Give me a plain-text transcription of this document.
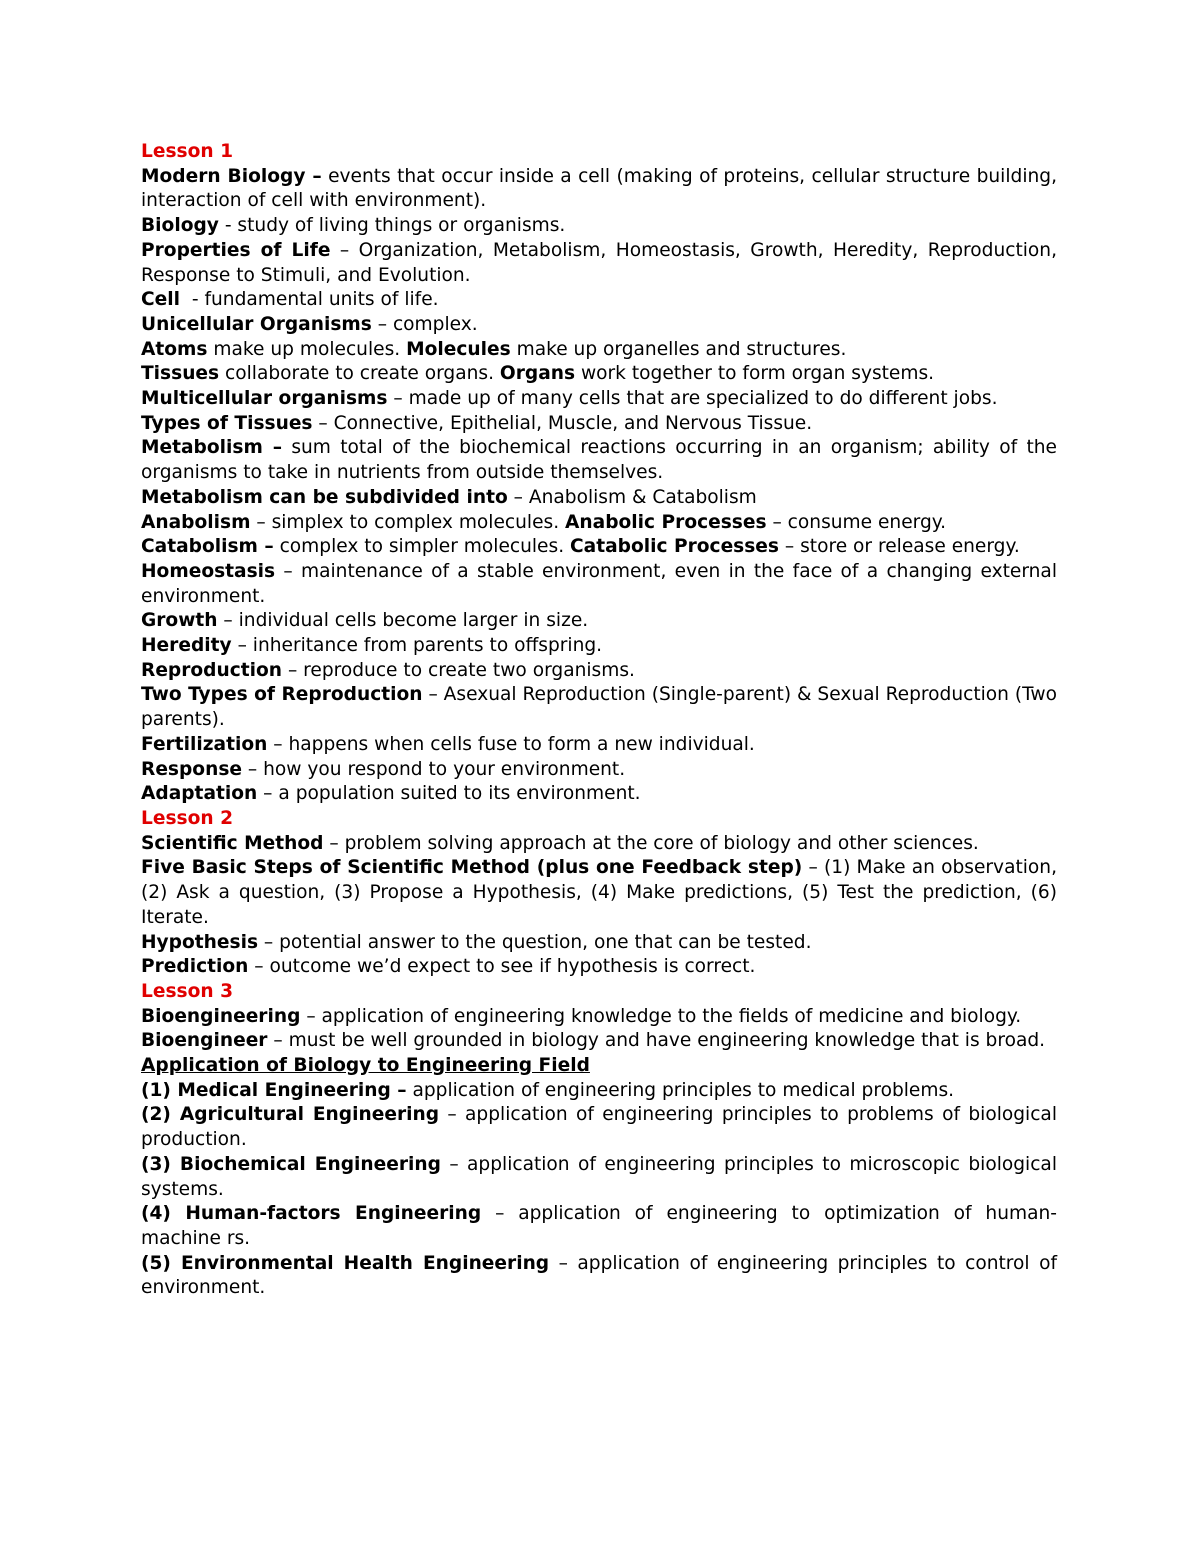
Lesson 1

Modern Biology – events that occur inside a cell (making of proteins, cellular structure building, interaction of cell with environment).

Biology - study of living things or organisms.

Properties of Life – Organization, Metabolism, Homeostasis, Growth, Heredity, Reproduction, Response to Stimuli, and Evolution.

Cell  - fundamental units of life.

Unicellular Organisms – complex.

Atoms make up molecules. Molecules make up organelles and structures.

Tissues collaborate to create organs. Organs work together to form organ systems.

Multicellular organisms – made up of many cells that are specialized to do different jobs.

Types of Tissues – Connective, Epithelial, Muscle, and Nervous Tissue.

Metabolism – sum total of the biochemical reactions occurring in an organism; ability of the organisms to take in nutrients from outside themselves.

Metabolism can be subdivided into – Anabolism & Catabolism

Anabolism – simplex to complex molecules. Anabolic Processes – consume energy.

Catabolism – complex to simpler molecules. Catabolic Processes – store or release energy.

Homeostasis – maintenance of a stable environment, even in the face of a changing external environment.

Growth – individual cells become larger in size.

Heredity – inheritance from parents to offspring.

Reproduction – reproduce to create two organisms.

Two Types of Reproduction – Asexual Reproduction (Single-parent) & Sexual Reproduction (Two parents).

Fertilization – happens when cells fuse to form a new individual.

Response – how you respond to your environment.

Adaptation – a population suited to its environment.

Lesson 2

Scientific Method – problem solving approach at the core of biology and other sciences.

Five Basic Steps of Scientific Method (plus one Feedback step) – (1) Make an observation, (2) Ask a question, (3) Propose a Hypothesis, (4) Make predictions, (5) Test the prediction, (6) Iterate.

Hypothesis – potential answer to the question, one that can be tested.

Prediction – outcome we’d expect to see if hypothesis is correct.

Lesson 3

Bioengineering – application of engineering knowledge to the fields of medicine and biology.

Bioengineer – must be well grounded in biology and have engineering knowledge that is broad.

Application of Biology to Engineering Field

(1) Medical Engineering – application of engineering principles to medical problems.

(2) Agricultural Engineering – application of engineering principles to problems of biological production.

(3) Biochemical Engineering – application of engineering principles to microscopic biological systems.

(4) Human-factors Engineering – application of engineering to optimization of human-machine rs.

(5) Environmental Health Engineering – application of engineering principles to control of environment.
